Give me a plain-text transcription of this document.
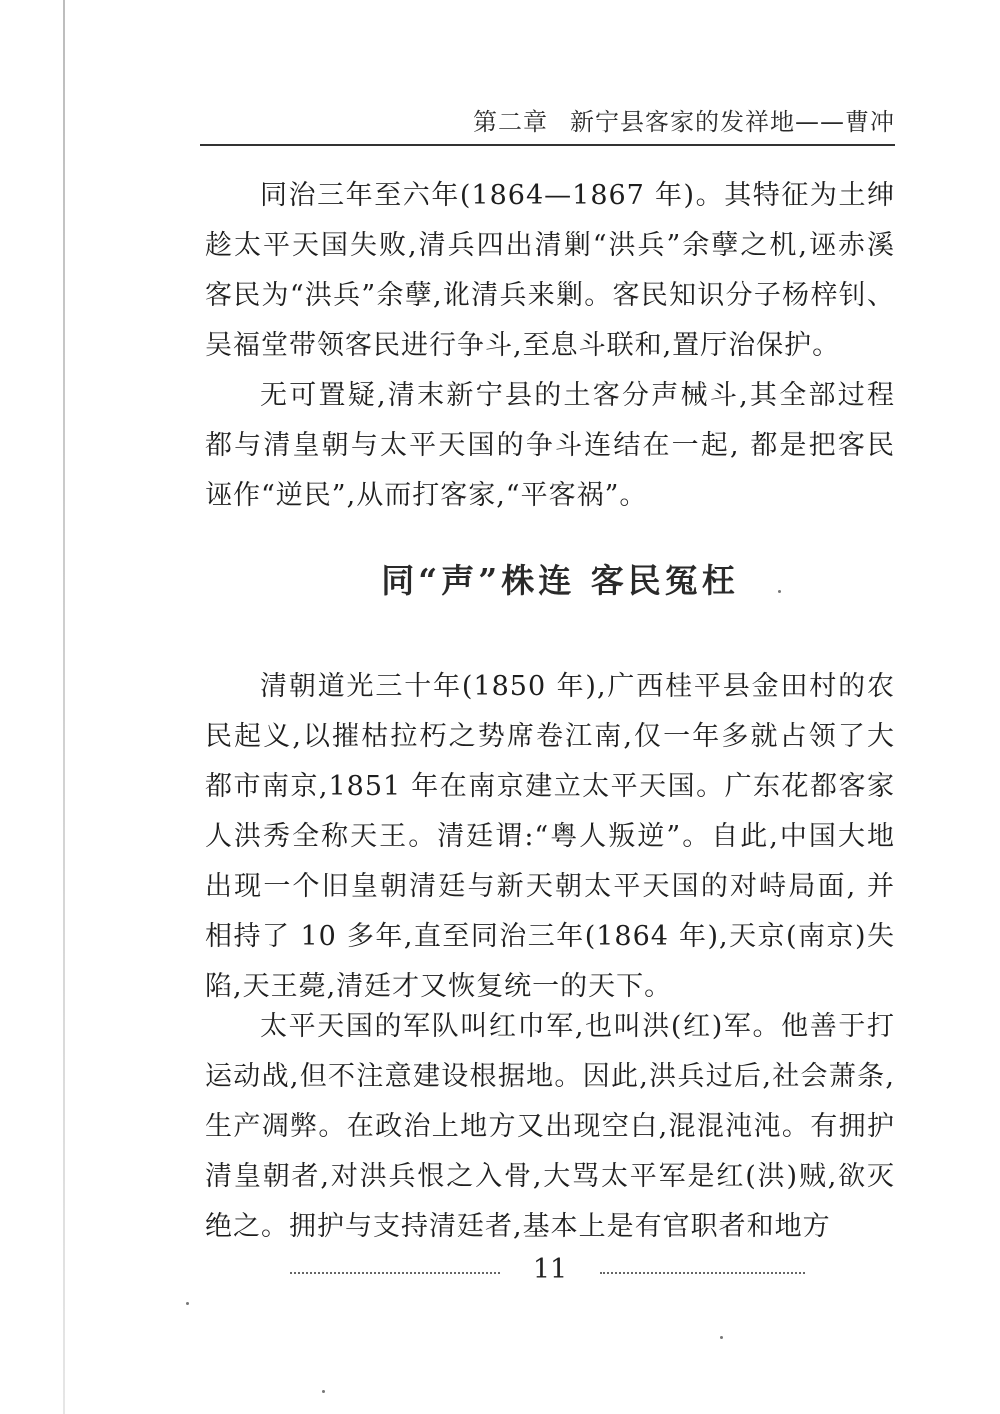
第二章 新宁县客家的发祥地——曹冲

同治三年至六年(1864—1867 年)。其特征为土绅趁太平天国失败,清兵四出清剿“洪兵”余孽之机,诬赤溪客民为“洪兵”余孽,讹清兵来剿。客民知识分子杨梓钊、吴福堂带领客民进行争斗,至息斗联和,置厅治保护。

无可置疑,清末新宁县的土客分声械斗,其全部过程都与清皇朝与太平天国的争斗连结在一起, 都是把客民诬作“逆民”,从而打客家,“平客祸”。

同“声”株连 客民冤枉

清朝道光三十年(1850 年),广西桂平县金田村的农民起义,以摧枯拉朽之势席卷江南,仅一年多就占领了大都市南京,1851 年在南京建立太平天国。广东花都客家人洪秀全称天王。清廷谓:“粤人叛逆”。自此,中国大地出现一个旧皇朝清廷与新天朝太平天国的对峙局面, 并相持了 10 多年,直至同治三年(1864 年),天京(南京)失陷,天王薨,清廷才又恢复统一的天下。

太平天国的军队叫红巾军,也叫洪(红)军。他善于打运动战,但不注意建设根据地。因此,洪兵过后,社会萧条,生产凋弊。在政治上地方又出现空白,混混沌沌。有拥护清皇朝者,对洪兵恨之入骨,大骂太平军是红(洪)贼,欲灭绝之。拥护与支持清廷者,基本上是有官职者和地方

11
